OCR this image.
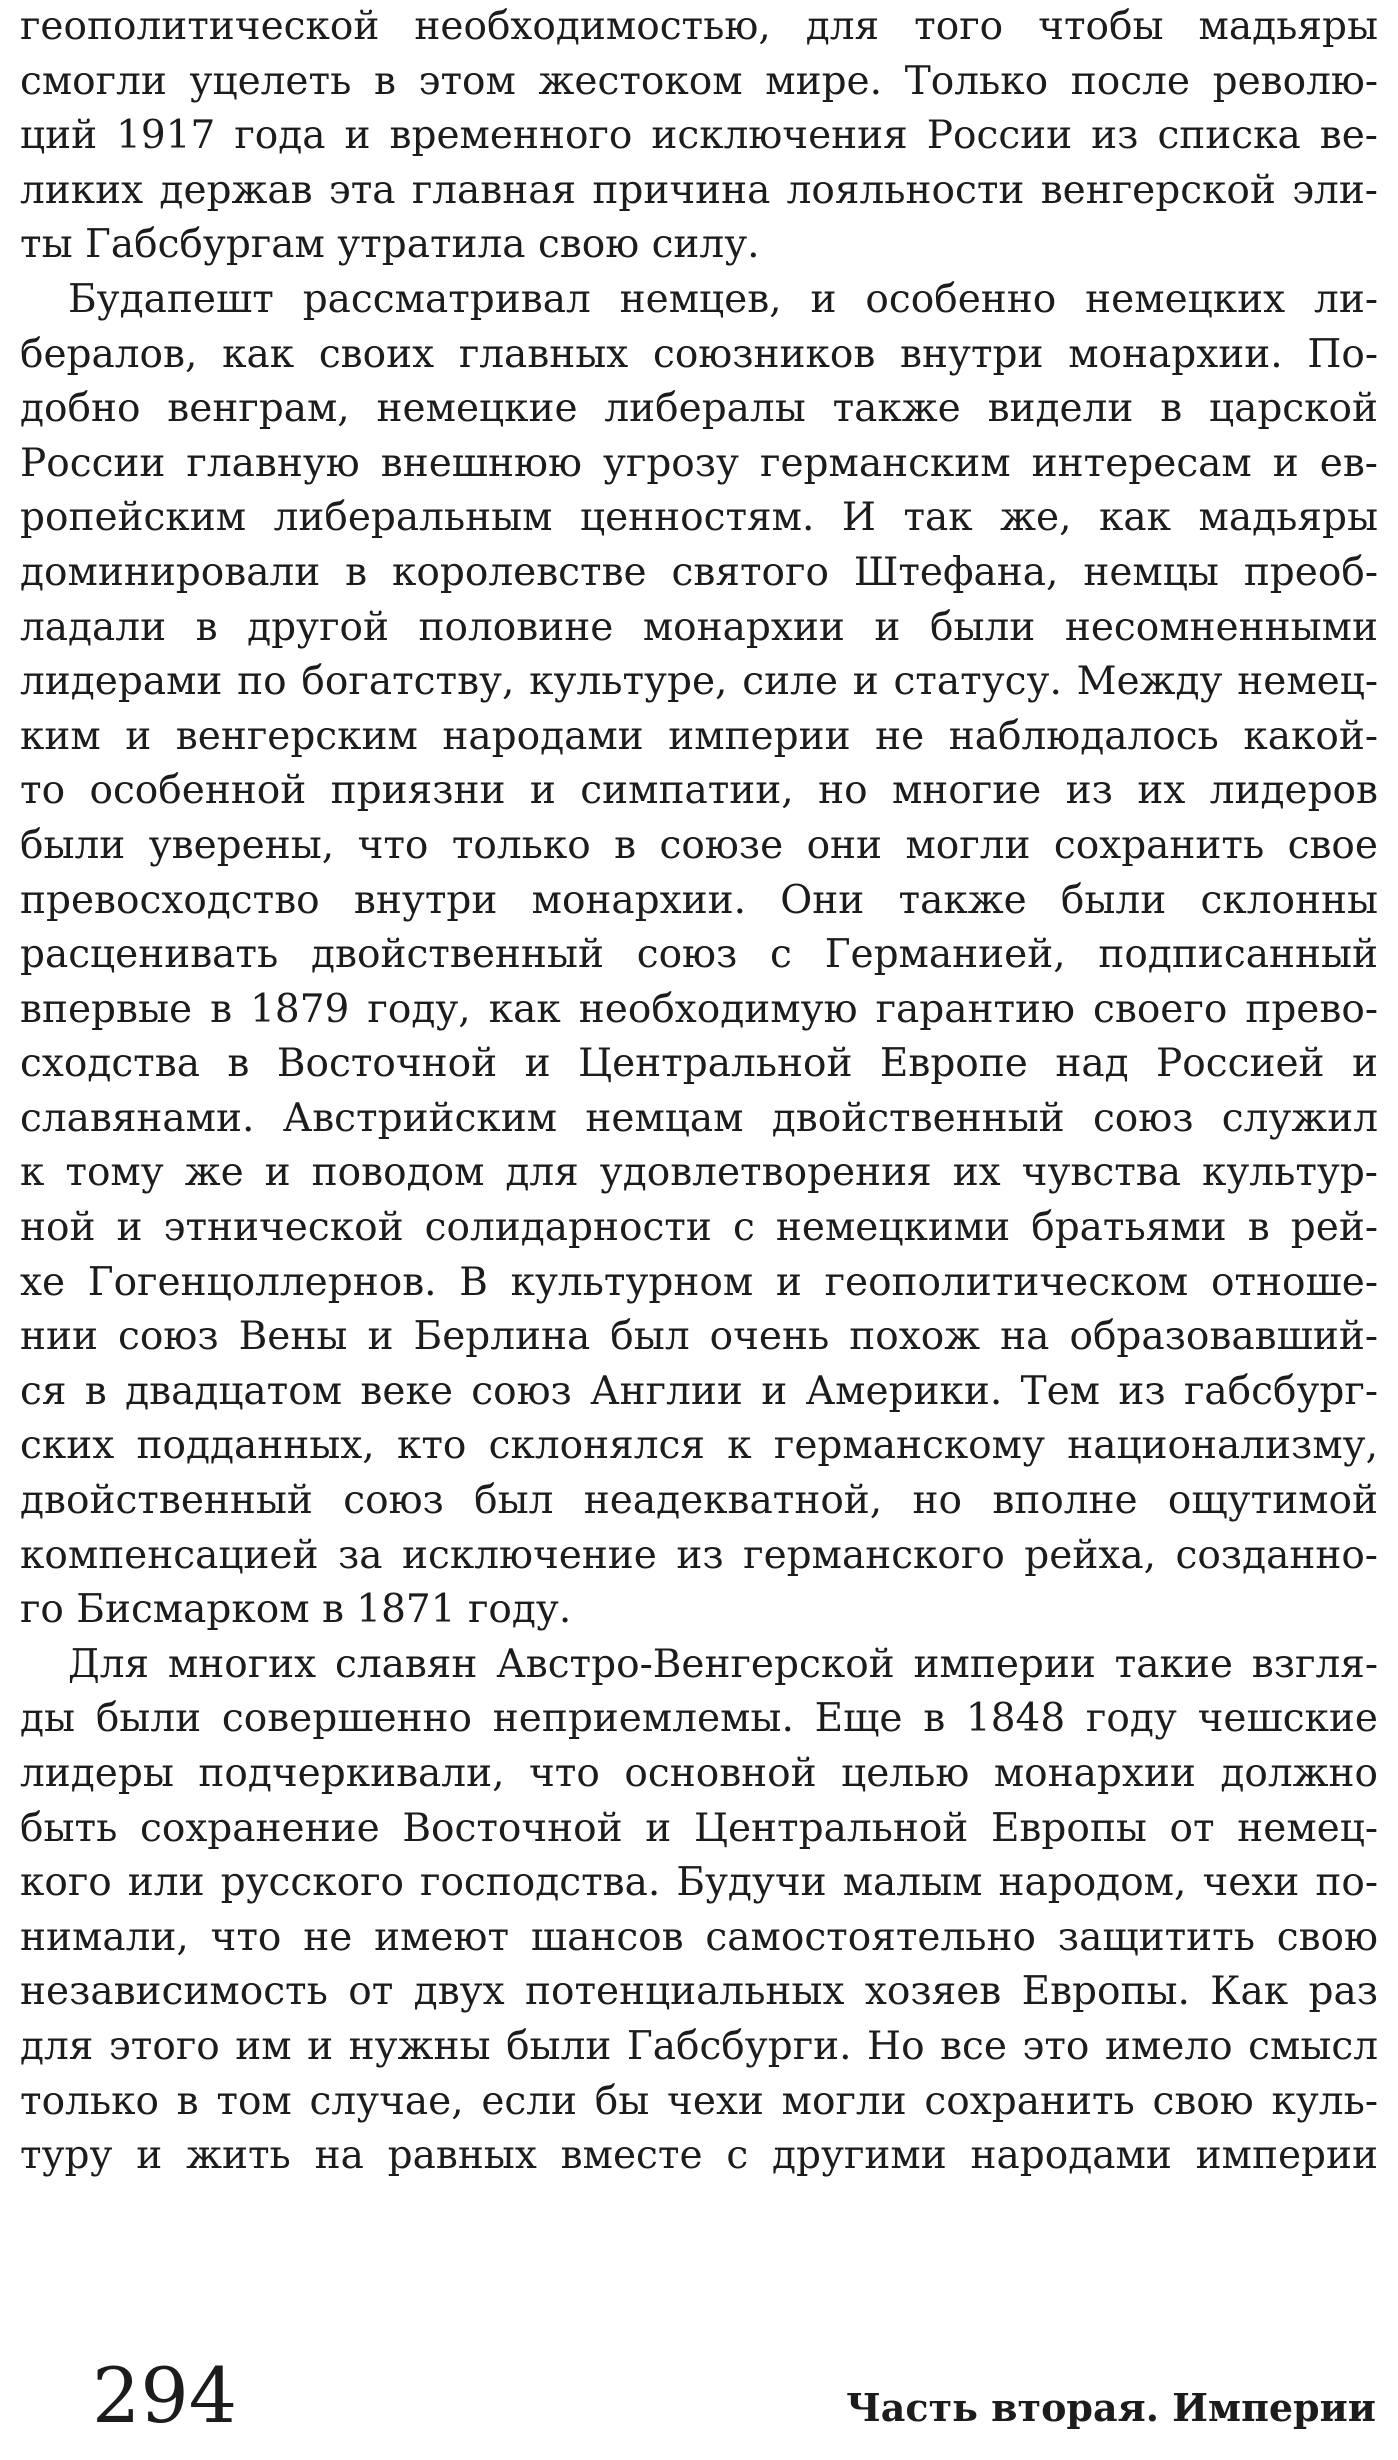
геополитической необходимостью, для того чтобы мадьяры
смогли уцелеть в этом жестоком мире. Только после револю-
ций 1917 года и временного исключения России из списка ве-
ликих держав эта главная причина лояльности венгерской эли-
ты Габсбургам утратила свою силу.
Будапешт рассматривал немцев, и особенно немецких ли-
бералов, как своих главных союзников внутри монархии. По-
добно венграм, немецкие либералы также видели в царской
России главную внешнюю угрозу германским интересам и ев-
ропейским либеральным ценностям. И так же, как мадьяры
доминировали в королевстве святого Штефана, немцы преоб-
ладали в другой половине монархии и были несомненными
лидерами по богатству, культуре, силе и статусу. Между немец-
ким и венгерским народами империи не наблюдалось какой-
то особенной приязни и симпатии, но многие из их лидеров
были уверены, что только в союзе они могли сохранить свое
превосходство внутри монархии. Они также были склонны
расценивать двойственный союз с Германией, подписанный
впервые в 1879 году, как необходимую гарантию своего прево-
сходства в Восточной и Центральной Европе над Россией и
славянами. Австрийским немцам двойственный союз служил
к тому же и поводом для удовлетворения их чувства культур-
ной и этнической солидарности с немецкими братьями в рей-
хе Гогенцоллернов. В культурном и геополитическом отноше-
нии союз Вены и Берлина был очень похож на образовавший-
ся в двадцатом веке союз Англии и Америки. Тем из габсбург-
ских подданных, кто склонялся к германскому национализму,
двойственный союз был неадекватной, но вполне ощутимой
компенсацией за исключение из германского рейха, созданно-
го Бисмарком в 1871 году.
Для многих славян Австро-Венгерской империи такие взгля-
ды были совершенно неприемлемы. Еще в 1848 году чешские
лидеры подчеркивали, что основной целью монархии должно
быть сохранение Восточной и Центральной Европы от немец-
кого или русского господства. Будучи малым народом, чехи по-
нимали, что не имеют шансов самостоятельно защитить свою
независимость от двух потенциальных хозяев Европы. Как раз
для этого им и нужны были Габсбурги. Но все это имело смысл
только в том случае, если бы чехи могли сохранить свою куль-
туру и жить на равных вместе с другими народами империи
294	Часть вторая. Империи
